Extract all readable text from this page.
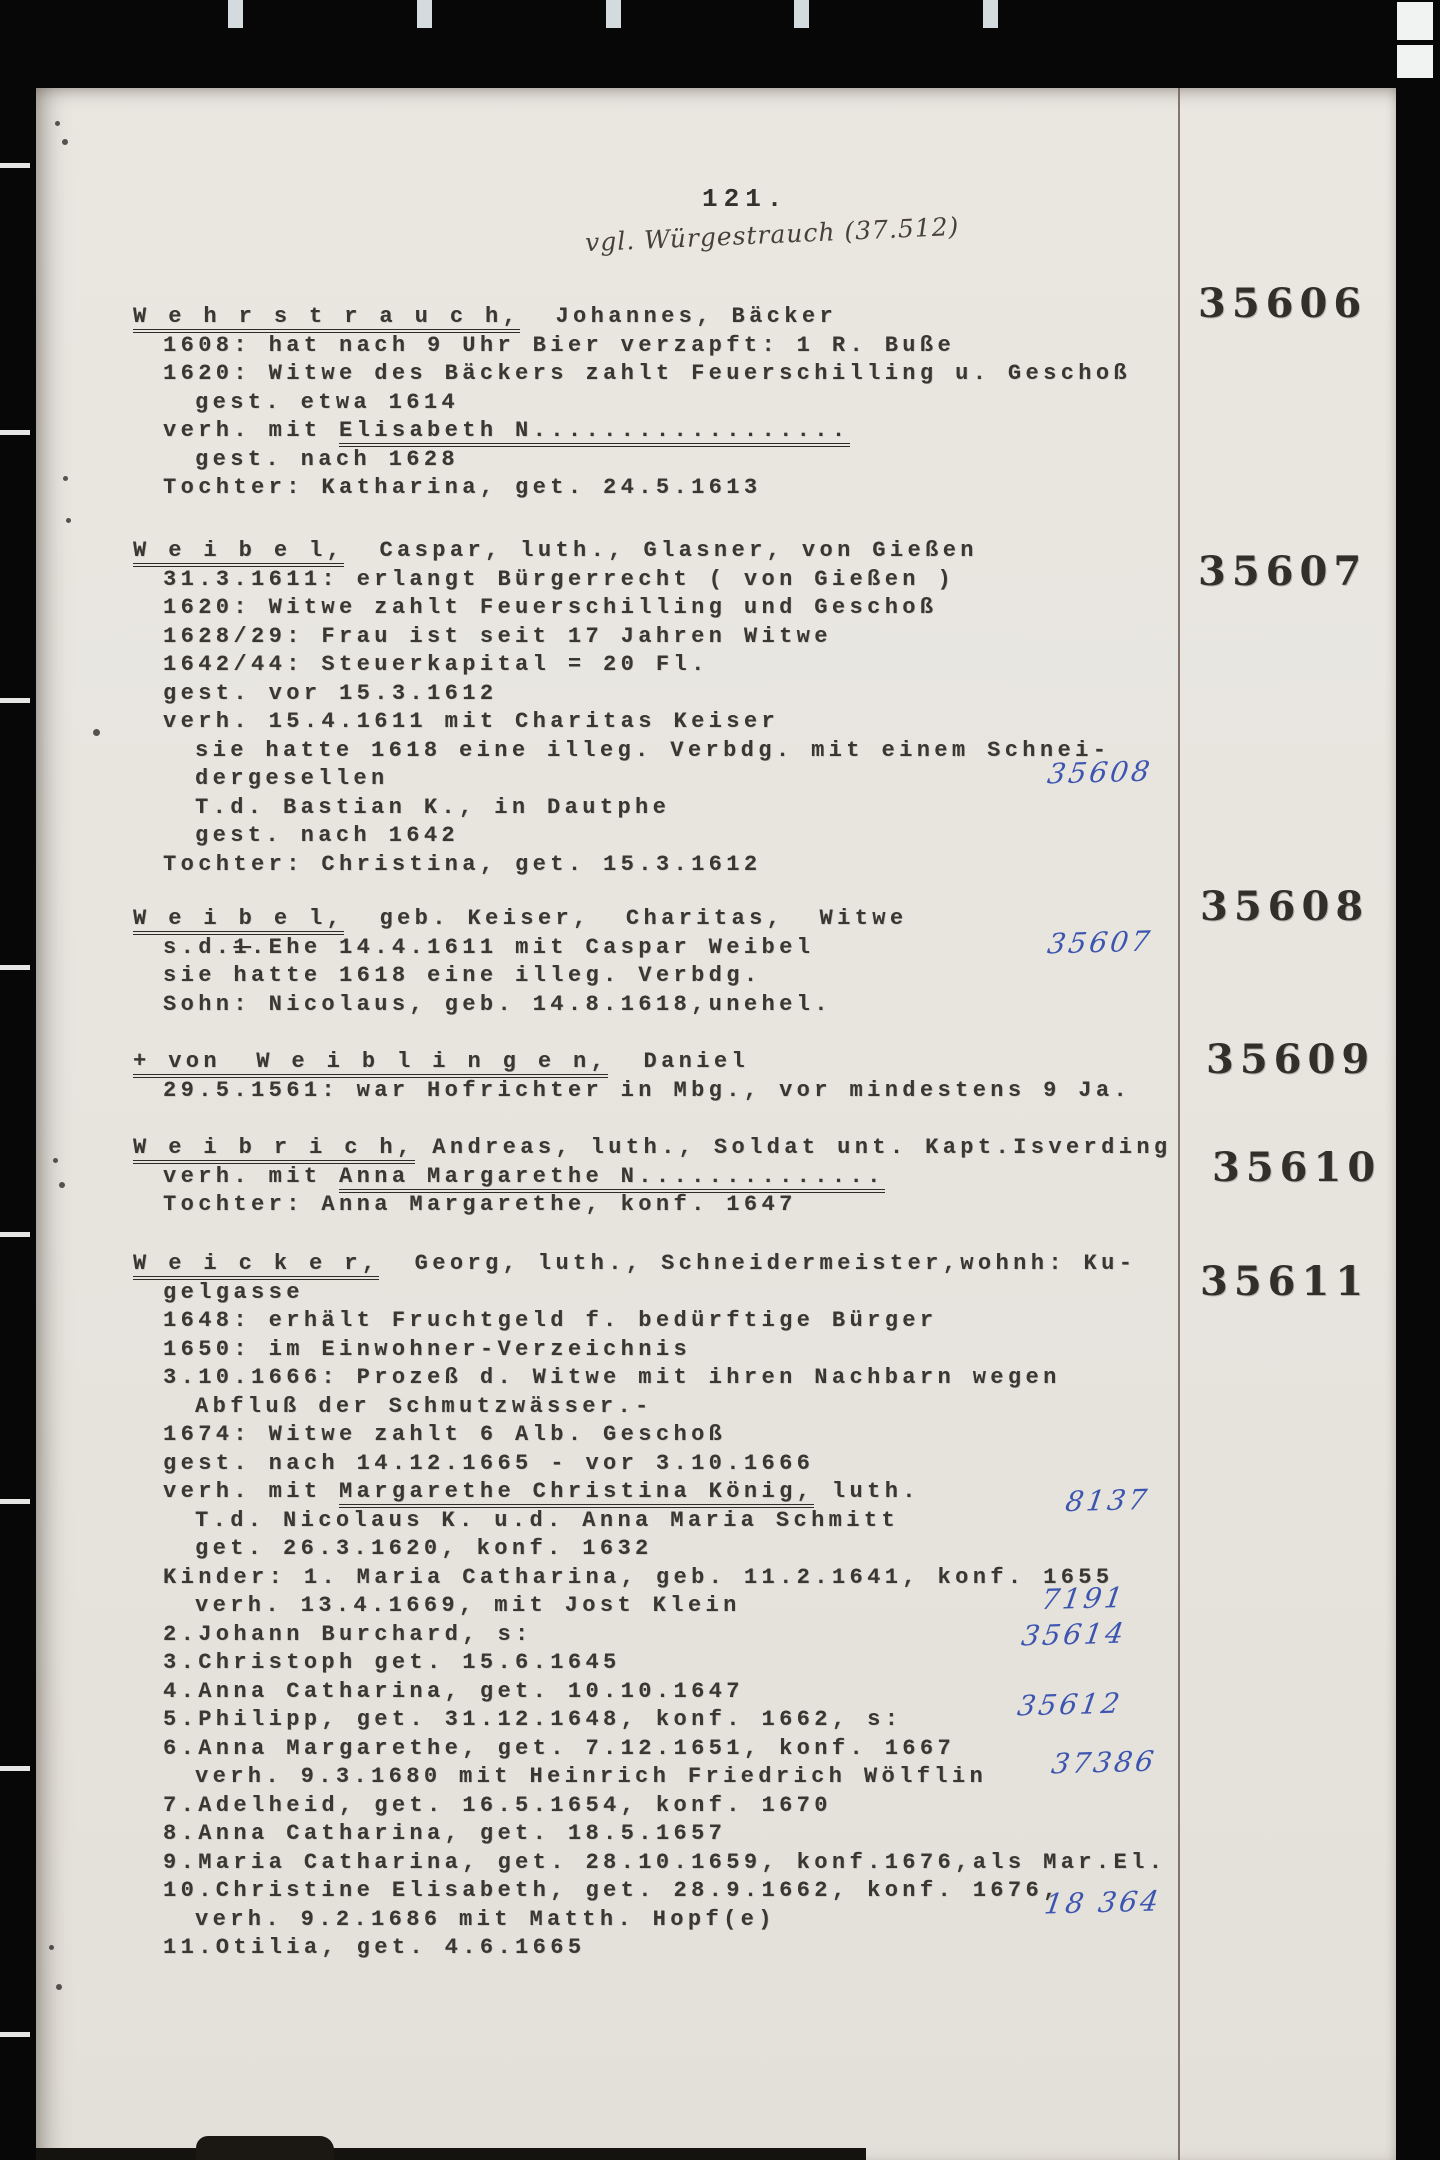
121.
vgl. Würgestrauch (37.512)
W e h r s t r a u c h,  Johannes, Bäcker
1608: hat nach 9 Uhr Bier verzapft: 1 R. Buße
1620: Witwe des Bäckers zahlt Feuerschilling u. Geschoß
gest. etwa 1614
verh. mit Elisabeth N..................
gest. nach 1628
Tochter: Katharina, get. 24.5.1613
W e i b e l,  Caspar, luth., Glasner, von Gießen
31.3.1611: erlangt Bürgerrecht ( von Gießen )
1620: Witwe zahlt Feuerschilling und Geschoß
1628/29: Frau ist seit 17 Jahren Witwe
1642/44: Steuerkapital = 20 Fl.
gest. vor 15.3.1612
verh. 15.4.1611 mit Charitas Keiser
sie hatte 1618 eine illeg. Verbdg. mit einem Schnei-
dergesellen
T.d. Bastian K., in Dautphe
gest. nach 1642
Tochter: Christina, get. 15.3.1612
W e i b e l,  geb. Keiser,  Charitas,  Witwe
s.d.1.Ehe 14.4.1611 mit Caspar Weibel
sie hatte 1618 eine illeg. Verbdg.
Sohn: Nicolaus, geb. 14.8.1618,unehel.
+ von  W e i b l i n g e n,  Daniel
29.5.1561: war Hofrichter in Mbg., vor mindestens 9 Ja.
W e i b r i c h, Andreas, luth., Soldat unt. Kapt.Isverding
verh. mit Anna Margarethe N..............
Tochter: Anna Margarethe, konf. 1647
W e i c k e r,  Georg, luth., Schneidermeister,wohnh: Ku-
gelgasse
1648: erhält Fruchtgeld f. bedürftige Bürger
1650: im Einwohner-Verzeichnis
3.10.1666: Prozeß d. Witwe mit ihren Nachbarn wegen
Abfluß der Schmutzwässer.-
1674: Witwe zahlt 6 Alb. Geschoß
gest. nach 14.12.1665 - vor 3.10.1666
verh. mit Margarethe Christina König, luth.
T.d. Nicolaus K. u.d. Anna Maria Schmitt
get. 26.3.1620, konf. 1632
Kinder: 1. Maria Catharina, geb. 11.2.1641, konf. 1655
verh. 13.4.1669, mit Jost Klein
2.Johann Burchard, s:
3.Christoph get. 15.6.1645
4.Anna Catharina, get. 10.10.1647
5.Philipp, get. 31.12.1648, konf. 1662, s:
6.Anna Margarethe, get. 7.12.1651, konf. 1667
verh. 9.3.1680 mit Heinrich Friedrich Wölflin
7.Adelheid, get. 16.5.1654, konf. 1670
8.Anna Catharina, get. 18.5.1657
9.Maria Catharina, get. 28.10.1659, konf.1676,als Mar.El.
10.Christine Elisabeth, get. 28.9.1662, konf. 1676,
verh. 9.2.1686 mit Matth. Hopf(e)
11.Otilia, get. 4.6.1665
35606
35607
35608
35609
35610
35611
35608
35607
8137
7191
35614
35612
37386
18 364
